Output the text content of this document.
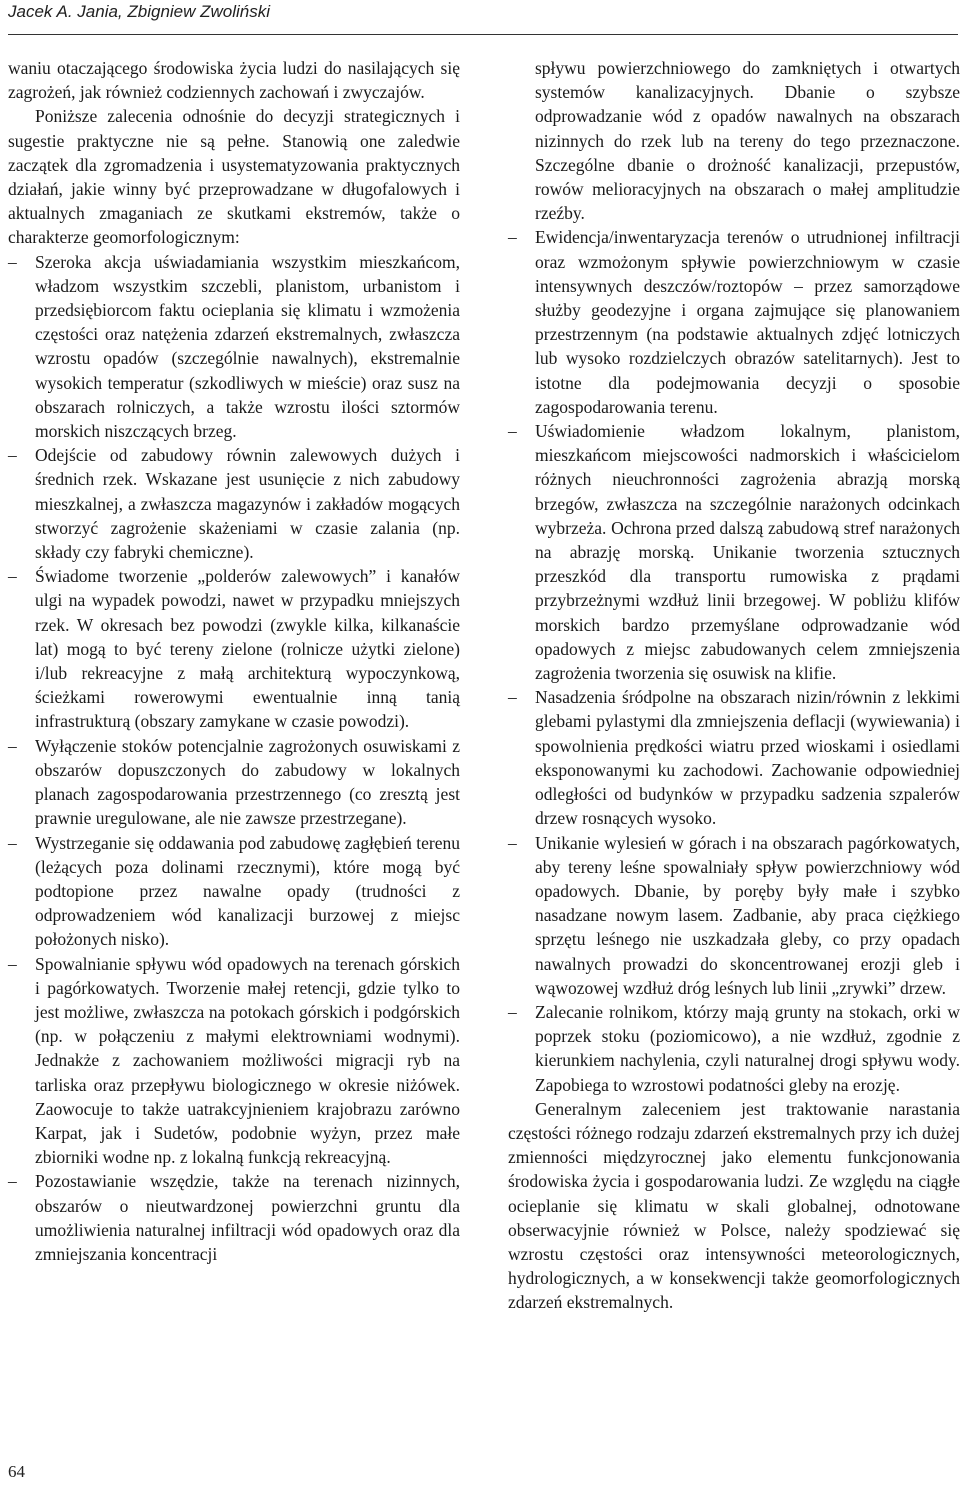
Jacek A. Jania, Zbigniew Zwoliński

waniu otaczającego środowiska życia ludzi do nasilających się zagrożeń, jak również codziennych zachowań i zwyczajów.

Poniższe zalecenia odnośnie do decyzji strategicznych i sugestie praktyczne nie są pełne. Stanowią one zaledwie zaczątek dla zgromadzenia i usystematyzowania praktycznych działań, jakie winny być przeprowadzane w długofalowych i aktualnych zmaganiach ze skutkami ekstremów, także o charakterze geomorfologicznym:

– Szeroka akcja uświadamiania wszystkim mieszkańcom, władzom wszystkim szczebli, planistom, urbanistom i przedsiębiorcom faktu ocieplania się klimatu i wzmożenia częstości oraz natężenia zdarzeń ekstremalnych, zwłaszcza wzrostu opadów (szczególnie nawalnych), ekstremalnie wysokich temperatur (szkodliwych w mieście) oraz susz na obszarach rolniczych, a także wzrostu ilości sztormów morskich niszczących brzeg.
– Odejście od zabudowy równin zalewowych dużych i średnich rzek. Wskazane jest usunięcie z nich zabudowy mieszkalnej, a zwłaszcza magazynów i zakładów mogących stworzyć zagrożenie skażeniami w czasie zalania (np. składy czy fabryki chemiczne).
– Świadome tworzenie „polderów zalewowych” i kanałów ulgi na wypadek powodzi, nawet w przypadku mniejszych rzek. W okresach bez powodzi (zwykle kilka, kilkanaście lat) mogą to być tereny zielone (rolnicze użytki zielone) i/lub rekreacyjne z małą architekturą wypoczynkową, ścieżkami rowerowymi ewentualnie inną tanią infrastrukturą (obszary zamykane w czasie powodzi).
– Wyłączenie stoków potencjalnie zagrożonych osuwiskami z obszarów dopuszczonych do zabudowy w lokalnych planach zagospodarowania przestrzennego (co zresztą jest prawnie uregulowane, ale nie zawsze przestrzegane).
– Wystrzeganie się oddawania pod zabudowę zagłębień terenu (leżących poza dolinami rzecznymi), które mogą być podtopione przez nawalne opady (trudności z odprowadzeniem wód kanalizacji burzowej z miejsc położonych nisko).
– Spowalnianie spływu wód opadowych na terenach górskich i pagórkowatych. Tworzenie małej retencji, gdzie tylko to jest możliwe, zwłaszcza na potokach górskich i podgórskich (np. w połączeniu z małymi elektrowniami wodnymi). Jednakże z zachowaniem możliwości migracji ryb na tarliska oraz przepływu biologicznego w okresie niżówek. Zaowocuje to także uatrakcyjnieniem krajobrazu zarówno Karpat, jak i Sudetów, podobnie wyżyn, przez małe zbiorniki wodne np. z lokalną funkcją rekreacyjną.
– Pozostawianie wszędzie, także na terenach nizinnych, obszarów o nieutwardzonej powierzchni gruntu dla umożliwienia naturalnej infiltracji wód opadowych oraz dla zmniejszania koncentracji
spływu powierzchniowego do zamkniętych i otwartych systemów kanalizacyjnych. Dbanie o szybsze odprowadzanie wód z opadów nawalnych na obszarach nizinnych do rzek lub na tereny do tego przeznaczone. Szczególne dbanie o drożność kanalizacji, przepustów, rowów melioracyjnych na obszarach o małej amplitudzie rzeźby.
– Ewidencja/inwentaryzacja terenów o utrudnionej infiltracji oraz wzmożonym spływie powierzchniowym w czasie intensywnych deszczów/roztopów – przez samorządowe służby geodezyjne i organa zajmujące się planowaniem przestrzennym (na podstawie aktualnych zdjęć lotniczych lub wysoko rozdzielczych obrazów satelitarnych). Jest to istotne dla podejmowania decyzji o sposobie zagospodarowania terenu.
– Uświadomienie władzom lokalnym, planistom, mieszkańcom miejscowości nadmorskich i właścicielom różnych nieuchronności zagrożenia abrazją morską brzegów, zwłaszcza na szczególnie narażonych odcinkach wybrzeża. Ochrona przed dalszą zabudową stref narażonych na abrazję morską. Unikanie tworzenia sztucznych przeszkód dla transportu rumowiska z prądami przybrzeżnymi wzdłuż linii brzegowej. W pobliżu klifów morskich bardzo przemyślane odprowadzanie wód opadowych z miejsc zabudowanych celem zmniejszenia zagrożenia tworzenia się osuwisk na klifie.
– Nasadzenia śródpolne na obszarach nizin/równin z lekkimi glebami pylastymi dla zmniejszenia deflacji (wywiewania) i spowolnienia prędkości wiatru przed wioskami i osiedlami eksponowanymi ku zachodowi. Zachowanie odpowiedniej odległości od budynków w przypadku sadzenia szpalerów drzew rosnących wysoko.
– Unikanie wylesień w górach i na obszarach pagórkowatych, aby tereny leśne spowalniały spływ powierzchniowy wód opadowych. Dbanie, by poręby były małe i szybko nasadzane nowym lasem. Zadbanie, aby praca ciężkiego sprzętu leśnego nie uszkadzała gleby, co przy opadach nawalnych prowadzi do skoncentrowanej erozji gleb i wąwozowej wzdłuż dróg leśnych lub linii „zrywki” drzew.
– Zalecanie rolnikom, którzy mają grunty na stokach, orki w poprzek stoku (poziomicowo), a nie wzdłuż, zgodnie z kierunkiem nachylenia, czyli naturalnej drogi spływu wody. Zapobiega to wzrostowi podatności gleby na erozję.

Generalnym zaleceniem jest traktowanie narastania częstości różnego rodzaju zdarzeń ekstremalnych przy ich dużej zmienności międzyrocznej jako elementu funkcjonowania środowiska życia i gospodarowania ludzi. Ze względu na ciągłe ocieplanie się klimatu w skali globalnej, odnotowane obserwacyjnie również w Polsce, należy spodziewać się wzrostu częstości oraz intensywności meteorologicznych, hydrologicznych, a w konsekwencji także geomorfologicznych zdarzeń ekstremalnych.

64
